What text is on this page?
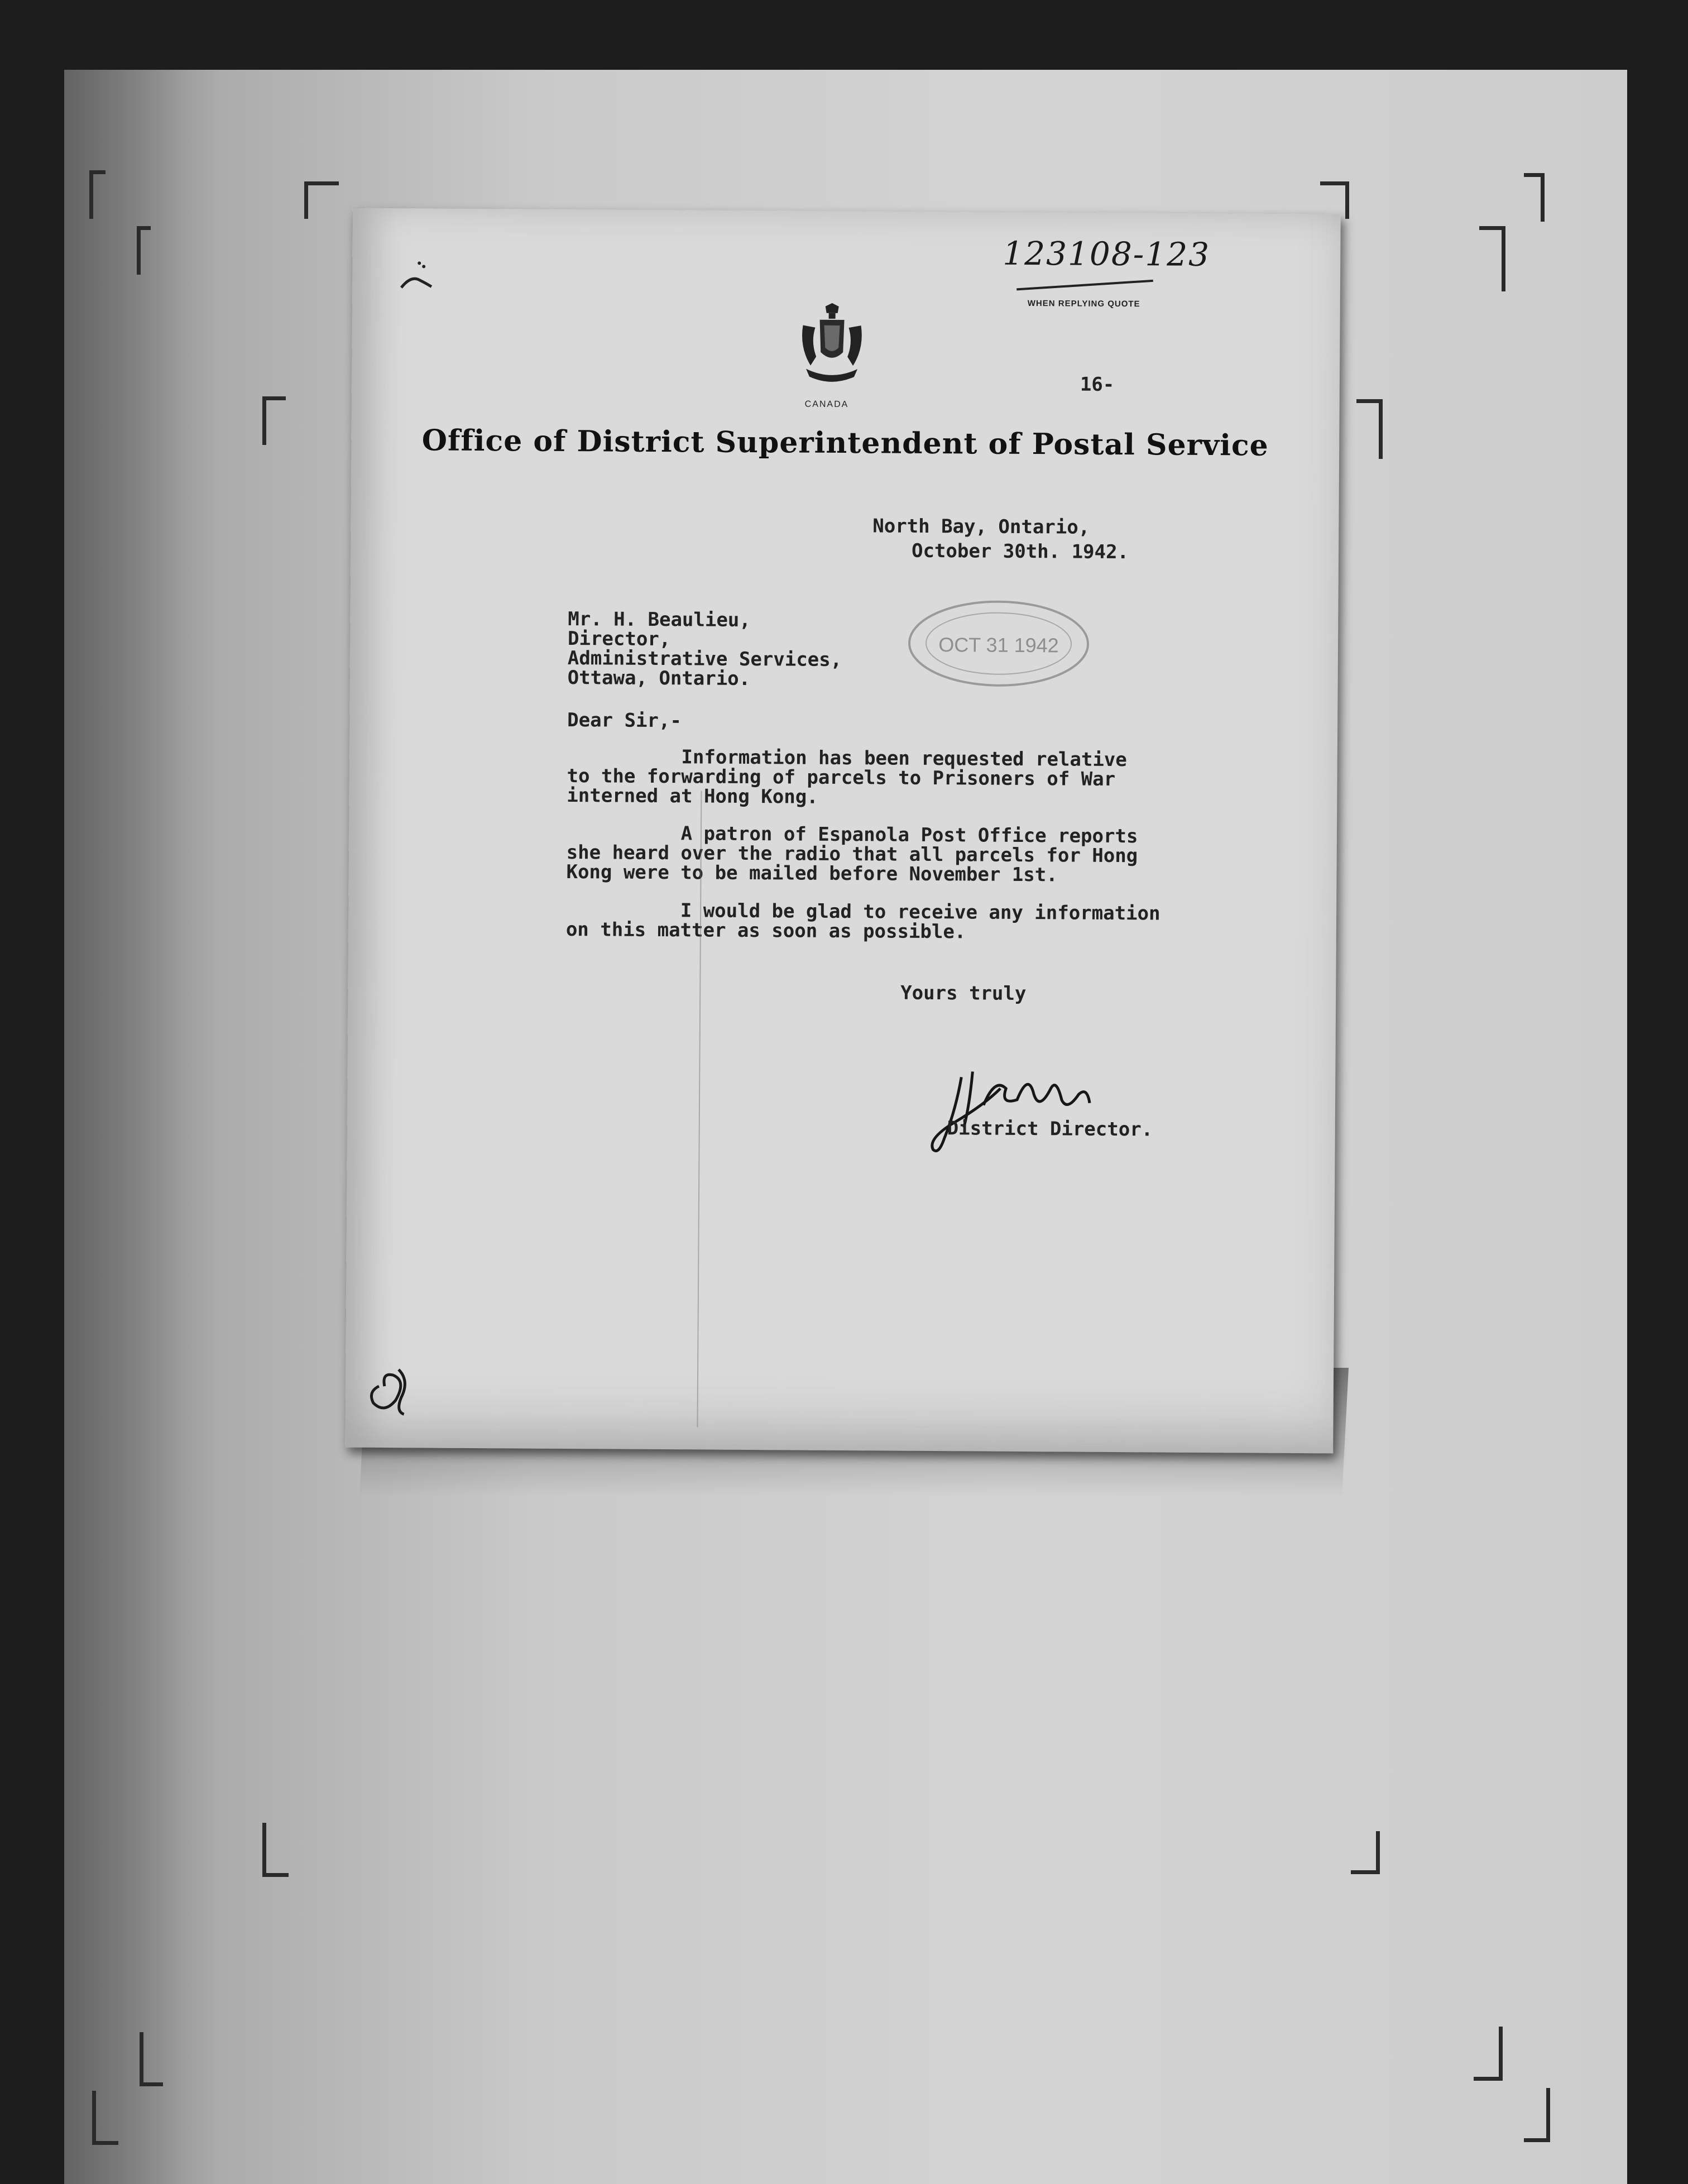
123108-123
WHEN REPLYING QUOTE
CANADA
16-
Office of District Superintendent of Postal Service
North Bay, Ontario,
October 30th. 1942.
OCT 31 1942
Mr. H. Beaulieu,
Director,
Administrative Services,
Ottawa, Ontario.
Dear Sir,-
Information has been requested relative
to the forwarding of parcels to Prisoners of War
interned at Hong Kong.
A patron of Espanola Post Office reports
she heard over the radio that all parcels for Hong
Kong were to be mailed before November 1st.
I would be glad to receive any information
on this matter as soon as possible.
Yours truly
District Director.
